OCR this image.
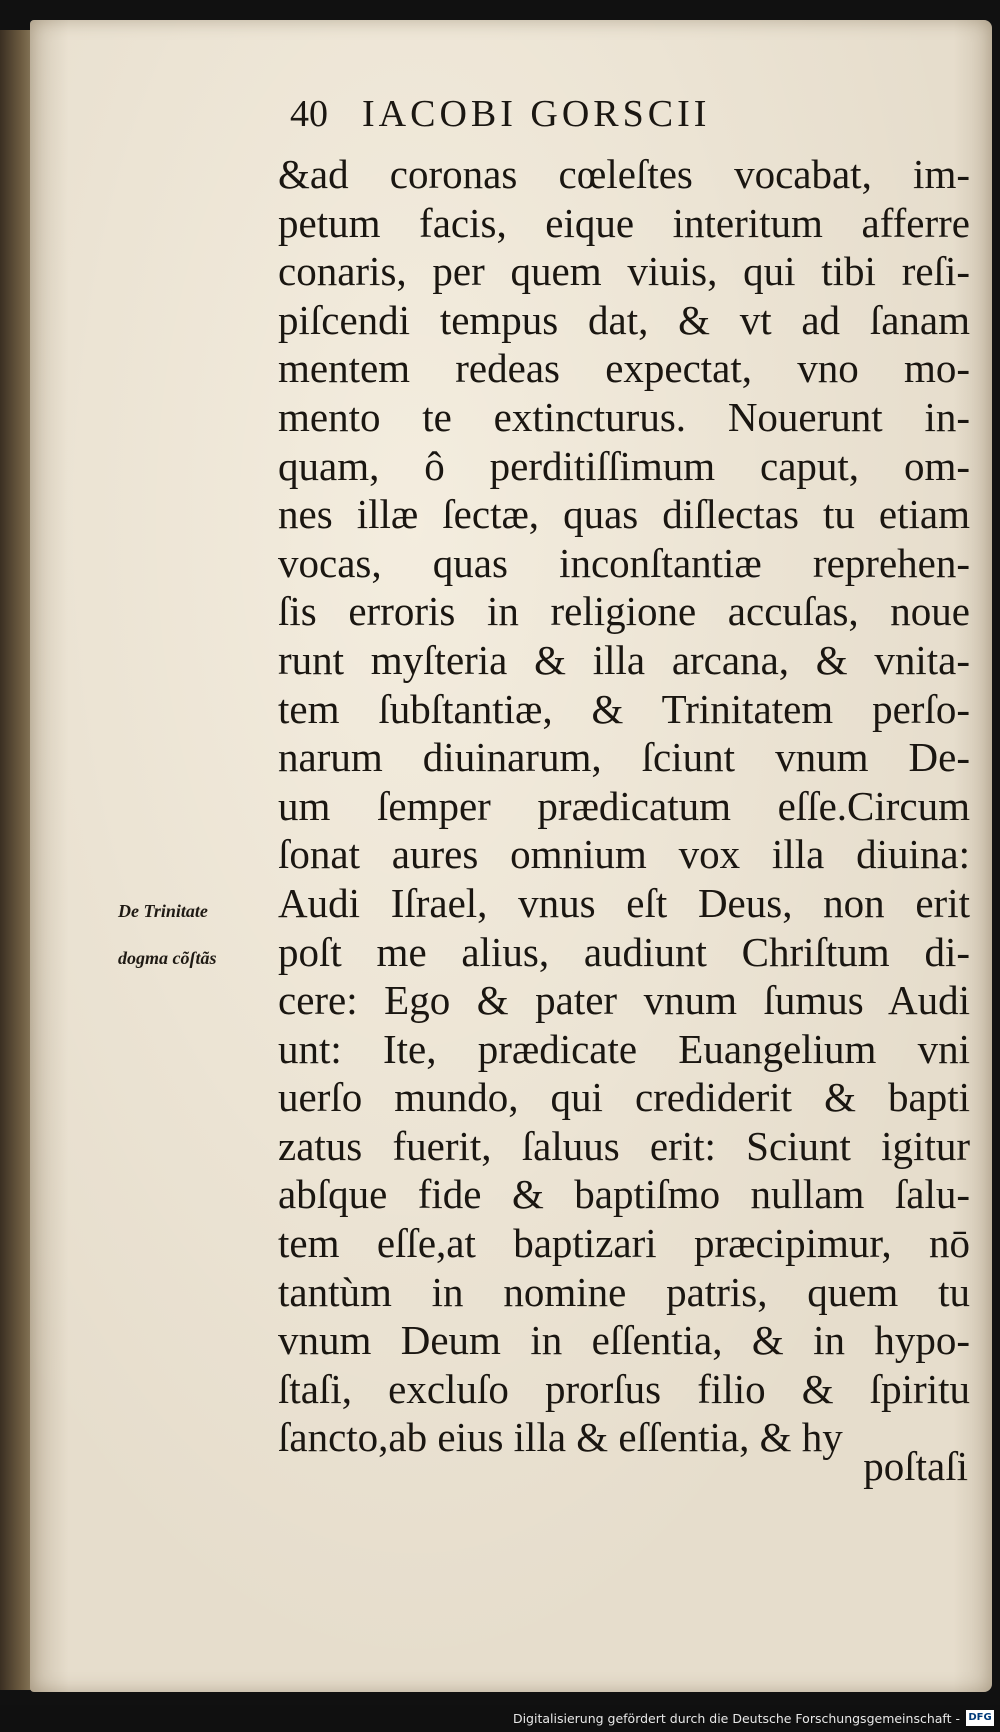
40 IACOBI GORSCII
&ad coronas cœleſtes vocabat, im-
petum facis, eique interitum afferre
conaris, per quem viuis, qui tibi reſi-
piſcendi tempus dat, & vt ad ſanam
mentem redeas expectat, vno mo-
mento te extincturus. Nouerunt in-
quam, ô perditiſſimum caput, om-
nes illæ ſectæ, quas diſlectas tu etiam
vocas, quas inconſtantiæ reprehen-
ſis erroris in religione accuſas, noue
runt myſteria & illa arcana, & vnita-
tem ſubſtantiæ, & Trinitatem perſo-
narum diuinarum, ſciunt vnum De-
um ſemper prædicatum eſſe.Circum
ſonat aures omnium vox illa diuina:
Audi Iſrael, vnus eſt Deus, non erit
poſt me alius, audiunt Chriſtum di-
cere: Ego & pater vnum ſumus Audi
unt: Ite, prædicate Euangelium vni
uerſo mundo, qui crediderit & bapti
zatus fuerit, ſaluus erit: Sciunt igitur
abſque fide & baptiſmo nullam ſalu-
tem eſſe,at baptizari præcipimur, nō
tantùm in nomine patris, quem tu
vnum Deum in eſſentia, & in hypo-
ſtaſi, excluſo prorſus filio & ſpiritu
ſancto,ab eius illa & eſſentia, & hy
De Trinitate
dogma cõſtãs
poſtaſi
Digitalisierung gefördert durch die Deutsche Forschungsgemeinschaft - DFG
